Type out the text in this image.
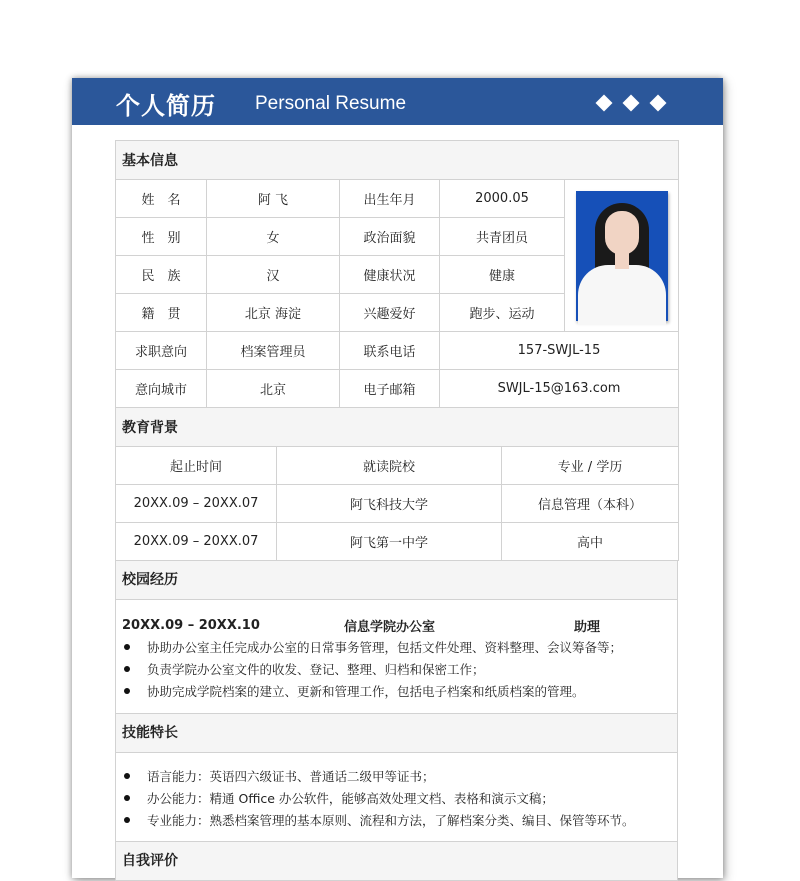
个人简历 Personal Resume
基本信息				
姓　名	阿 飞	出生年月	2000.05	

性　别	女	政治面貌	共青团员	
民　族	汉	健康状况	健康	
籍　贯	北京 海淀	兴趣爱好	跑步、运动	
求职意向	档案管理员	联系电话	157-SWJL-15	
意向城市	北京	电子邮箱	SWJL-15@163.com	
教育背景		
起止时间	就读院校	专业 / 学历
20XX.09 – 20XX.07	阿飞科技大学	信息管理（本科）
20XX.09 – 20XX.07	阿飞第一中学	高中
校园经历
20XX.09 – 20XX.10	信息学院办公室	助理
协助办公室主任完成办公室的日常事务管理，包括文件处理、资料整理、会议筹备等；
负责学院办公室文件的收发、登记、整理、归档和保密工作；
协助完成学院档案的建立、更新和管理工作，包括电子档案和纸质档案的管理。
技能特长
语言能力：英语四六级证书、普通话二级甲等证书；
办公能力：精通 Office 办公软件，能够高效处理文档、表格和演示文稿；
专业能力：熟悉档案管理的基本原则、流程和方法，了解档案分类、编目、保管等环节。
自我评价
